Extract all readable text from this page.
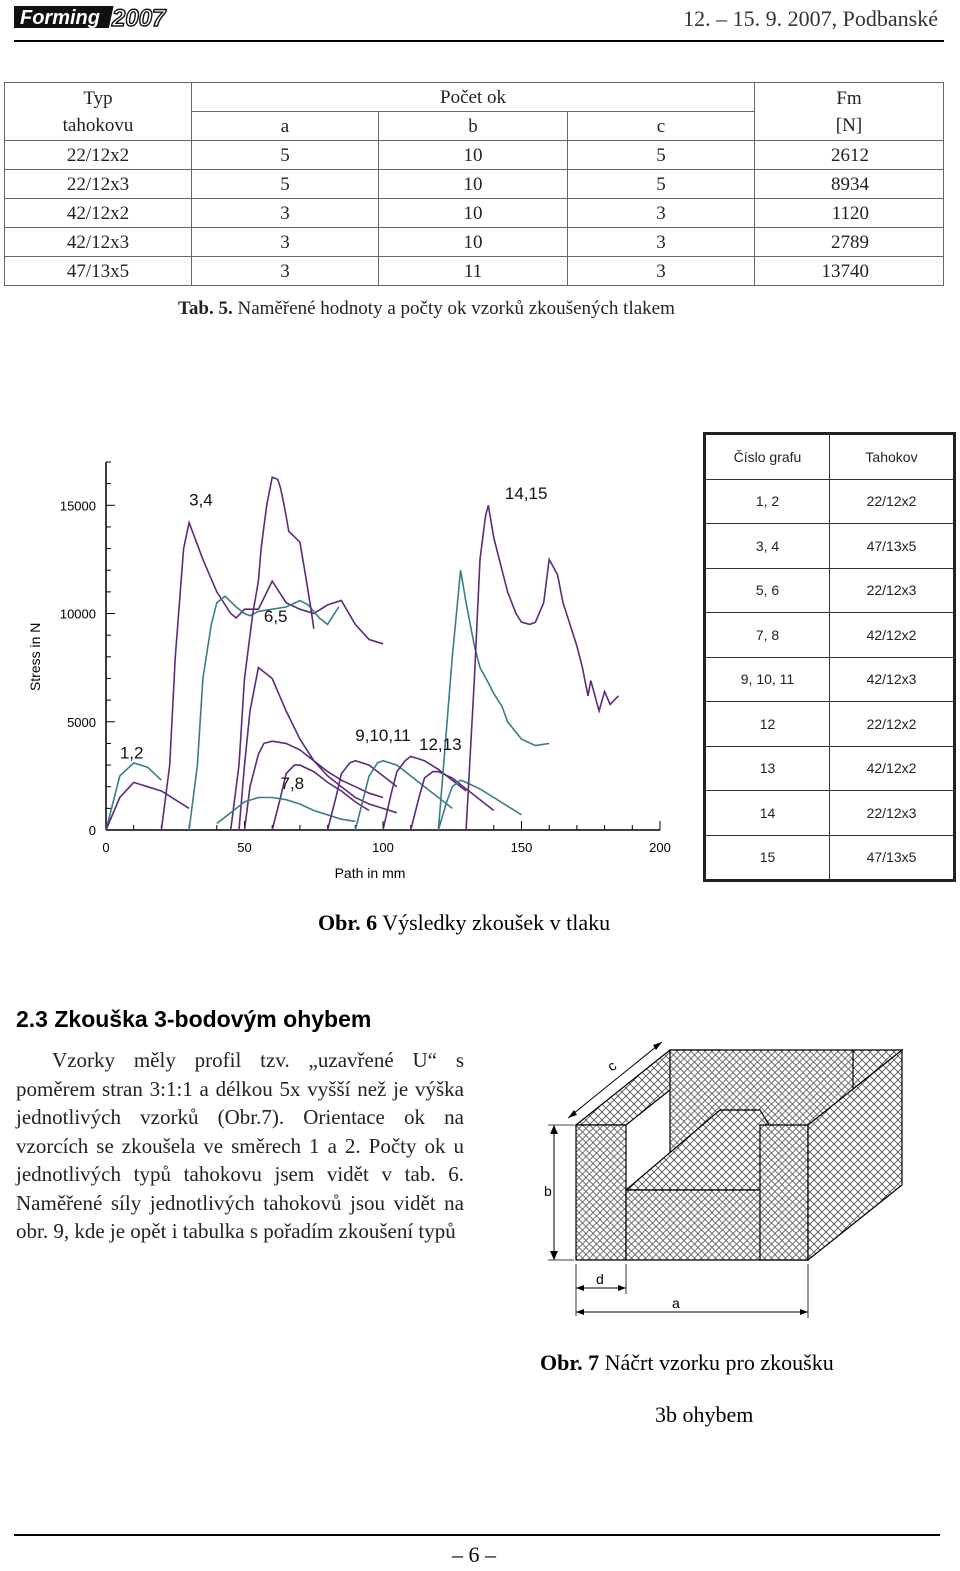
Forming 2007	12. – 15. 9. 2007, Podbanské
Typ
tahokovu	Počet ok			Fm
[N]
	a	b	c	
22/12x2	5	10	5	2612
22/12x3	5	10	5	8934
42/12x2	3	10	3	1120
42/12x3	3	10	3	2789
47/13x5	3	11	3	13740
Tab. 5. Naměřené hodnoty a počty ok vzorků zkoušených tlakem
0	50	100	150	200
0
5000
10000
15000
Path in mm
Stress in N
3,4	14,15
6,5
1,2
9,10,11 12,13
7,8
Číslo grafu	Tahokov
1, 2	22/12x2
3, 4	47/13x5
5, 6	22/12x3
7, 8	42/12x2
9, 10, 11	42/12x3
12	22/12x2
13	42/12x2
14	22/12x3
15	47/13x5
Obr. 6 Výsledky zkoušek v tlaku
2.3 Zkouška 3-bodovým ohybem

Vzorky měly profil tzv. „uzavřené U“ s poměrem stran 3:1:1 a délkou 5x vyšší než je výška jednotlivých vzorků (Obr.7). Orientace ok na vzorcích se zkoušela ve směrech 1 a 2. Počty ok u jednotlivých typů tahokovu jsem vidět v tab. 6. Naměřené síly jednotlivých tahokovů jsou vidět na obr. 9, kde je opět i tabulka s pořadím zkoušení typů

c
b
d
a
Obr. 7 Náčrt vzorku pro zkoušku
3b ohybem
– 6 –
